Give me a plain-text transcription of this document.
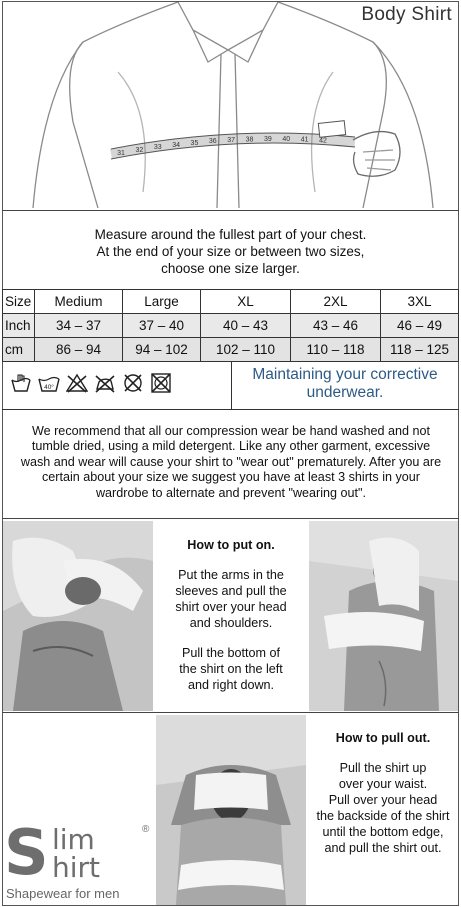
31 32 33 34 35 36 37 38 39 40 41 42
Body Shirt
Measure around the fullest part of your chest.
At the end of your size or between two sizes,
choose one size larger.
Size	Medium	Large	XL	2XL	3XL
Inch	34 – 37	37 – 40	40 – 43	43 – 46	46 – 49
cm	86 – 94	94 – 102	102 – 110	110 – 118	118 – 125
40°
Maintaining your corrective
underwear.
We recommend that all our compression wear be hand washed and not
tumble dried, using a mild detergent. Like any other garment, excessive
wash and wear will cause your shirt to "wear out" prematurely. After you are
certain about your size we suggest you have at least 3 shirts in your
wardrobe to alternate and prevent "wearing out".
How to put on.

Put the arms in the
sleeves and pull the
shirt over your head
and shoulders.

Pull the bottom of
the shirt on the left
and right down.

How to pull out.

Pull the shirt up
over your waist.
Pull over your head
the backside of the shirt
until the bottom edge,
and pull the shirt out.

S lim
hirt
®
Shapewear for men
